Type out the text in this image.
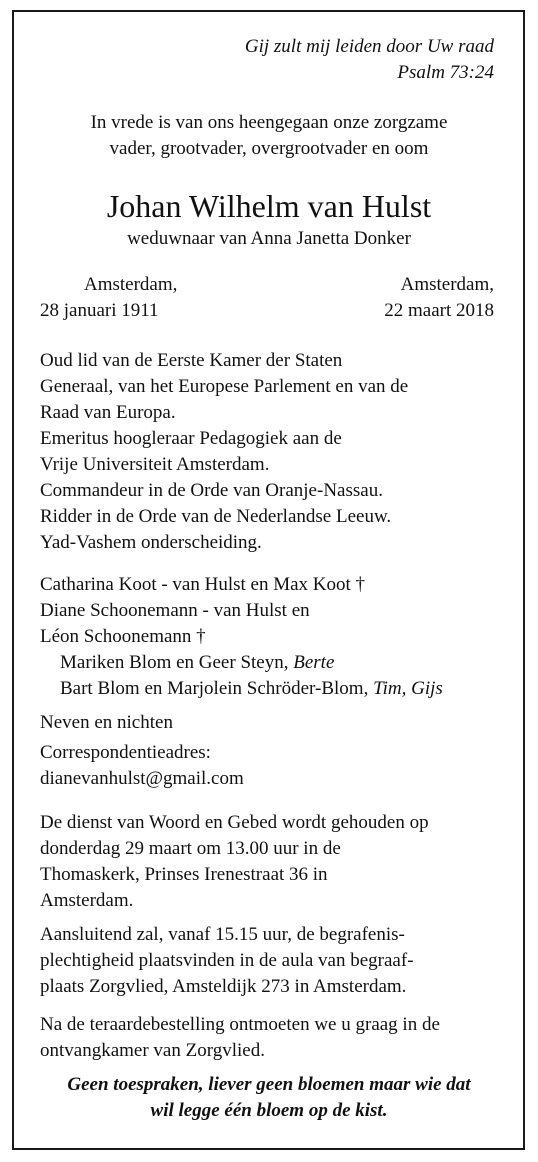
Gij zult mij leiden door Uw raad
Psalm 73:24
In vrede is van ons heengegaan onze zorgzame
vader, grootvader, overgrootvader en oom
Johan Wilhelm van Hulst
weduwnaar van Anna Janetta Donker
Amsterdam,
28 januari 1911
Amsterdam,
22 maart 2018
Oud lid van de Eerste Kamer der Staten
Generaal, van het Europese Parlement en van de
Raad van Europa.
Emeritus hoogleraar Pedagogiek aan de
Vrije Universiteit Amsterdam.
Commandeur in de Orde van Oranje-Nassau.
Ridder in de Orde van de Nederlandse Leeuw.
Yad-Vashem onderscheiding.
Catharina Koot - van Hulst en Max Koot †
Diane Schoonemann - van Hulst en
Léon Schoonemann †
Mariken Blom en Geer Steyn, Berte
Bart Blom en Marjolein Schröder-Blom, Tim, Gijs
Neven en nichten
Correspondentieadres:
dianevanhulst@gmail.com
De dienst van Woord en Gebed wordt gehouden op
donderdag 29 maart om 13.00 uur in de
Thomaskerk, Prinses Irenestraat 36 in
Amsterdam.
Aansluitend zal, vanaf 15.15 uur, de begrafenis-
plechtigheid plaatsvinden in de aula van begraaf-
plaats Zorgvlied, Amsteldijk 273 in Amsterdam.
Na de teraardebestelling ontmoeten we u graag in de
ontvangkamer van Zorgvlied.
Geen toespraken, liever geen bloemen maar wie dat
wil legge één bloem op de kist.
